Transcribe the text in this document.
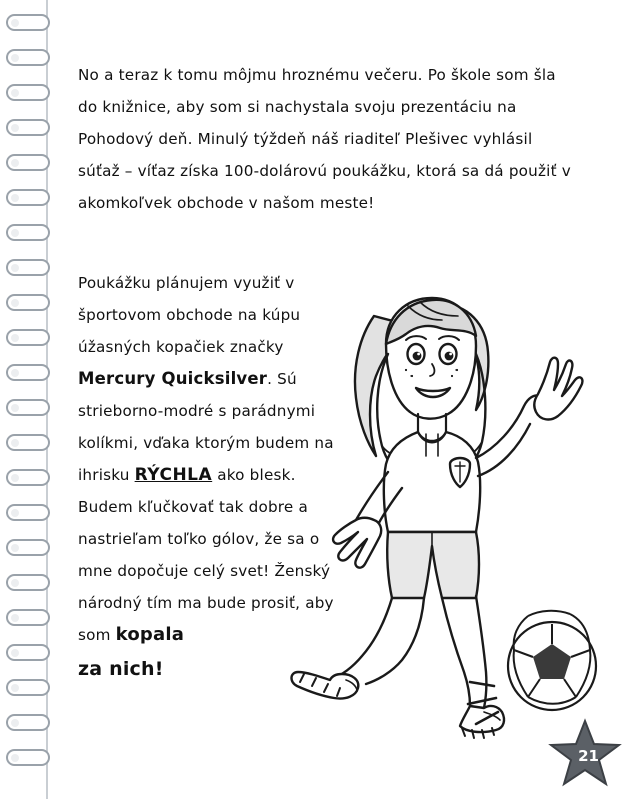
No a teraz k tomu môjmu hroznému večeru. Po škole som šla do knižnice, aby som si nachystala svoju prezentáciu na Pohodový deň. Minulý týždeň náš riaditeľ Plešivec vyhlásil súťaž – víťaz získa 100-dolárovú poukážku, ktorá sa dá použiť v akomkoľvek obchode v našom meste!

Poukážku plánujem využiť v športovom obchode na kúpu úžasných kopačiek značky Mercury Quicksilver. Sú strieborno-modré s parádnymi kolíkmi, vďaka ktorým budem na ihrisku RÝCHLA ako blesk. Budem kľučkovať tak dobre a nastrieľam toľko gólov, že sa o mne dopočuje celý svet! Ženský národný tím ma bude prosiť, aby som kopala
za nich!

21
